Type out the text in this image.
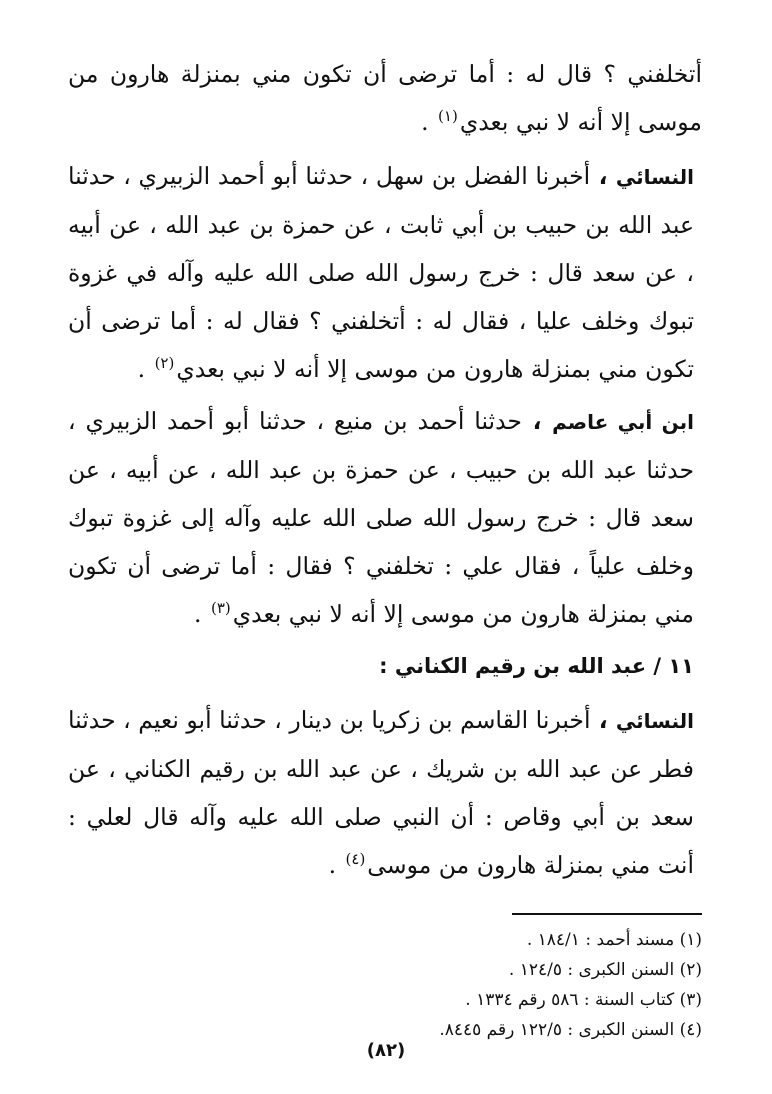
أتخلفني ؟ قال له : أما ترضى أن تكون مني بمنزلة هارون من موسى إلا أنه لا نبي بعدي$^{(١)}$ .

النسائي ، أخبرنا الفضل بن سهل ، حدثنا أبو أحمد الزبيري ، حدثنا عبد الله بن حبيب بن أبي ثابت ، عن حمزة بن عبد الله ، عن أبيه ، عن سعد قال : خرج رسول الله صلى الله عليه وآله في غزوة تبوك وخلف عليا ، فقال له : أتخلفني ؟ فقال له : أما ترضى أن تكون مني بمنزلة هارون من موسى إلا أنه لا نبي بعدي$^{(٢)}$ .

ابن أبي عاصم ، حدثنا أحمد بن منيع ، حدثنا أبو أحمد الزبيري ، حدثنا عبد الله بن حبيب ، عن حمزة بن عبد الله ، عن أبيه ، عن سعد قال : خرج رسول الله صلى الله عليه وآله إلى غزوة تبوك وخلف علياً ، فقال علي : تخلفني ؟ فقال : أما ترضى أن تكون مني بمنزلة هارون من موسى إلا أنه لا نبي بعدي$^{(٣)}$ .

١١ / عبد الله بن رقيم الكناني :

النسائي ، أخبرنا القاسم بن زكريا بن دينار ، حدثنا أبو نعيم ، حدثنا فطر عن عبد الله بن شريك ، عن عبد الله بن رقيم الكناني ، عن سعد بن أبي وقاص : أن النبي صلى الله عليه وآله قال لعلي : أنت مني بمنزلة هارون من موسى$^{(٤)}$ .

(١) مسند أحمد : ١٨٤/١ .

(٢) السنن الكبرى : ١٢٤/٥ .

(٣) كتاب السنة : ٥٨٦ رقم ١٣٣٤ .

(٤) السنن الكبرى : ١٢٢/٥ رقم ٨٤٤٥.

(٨٢)
